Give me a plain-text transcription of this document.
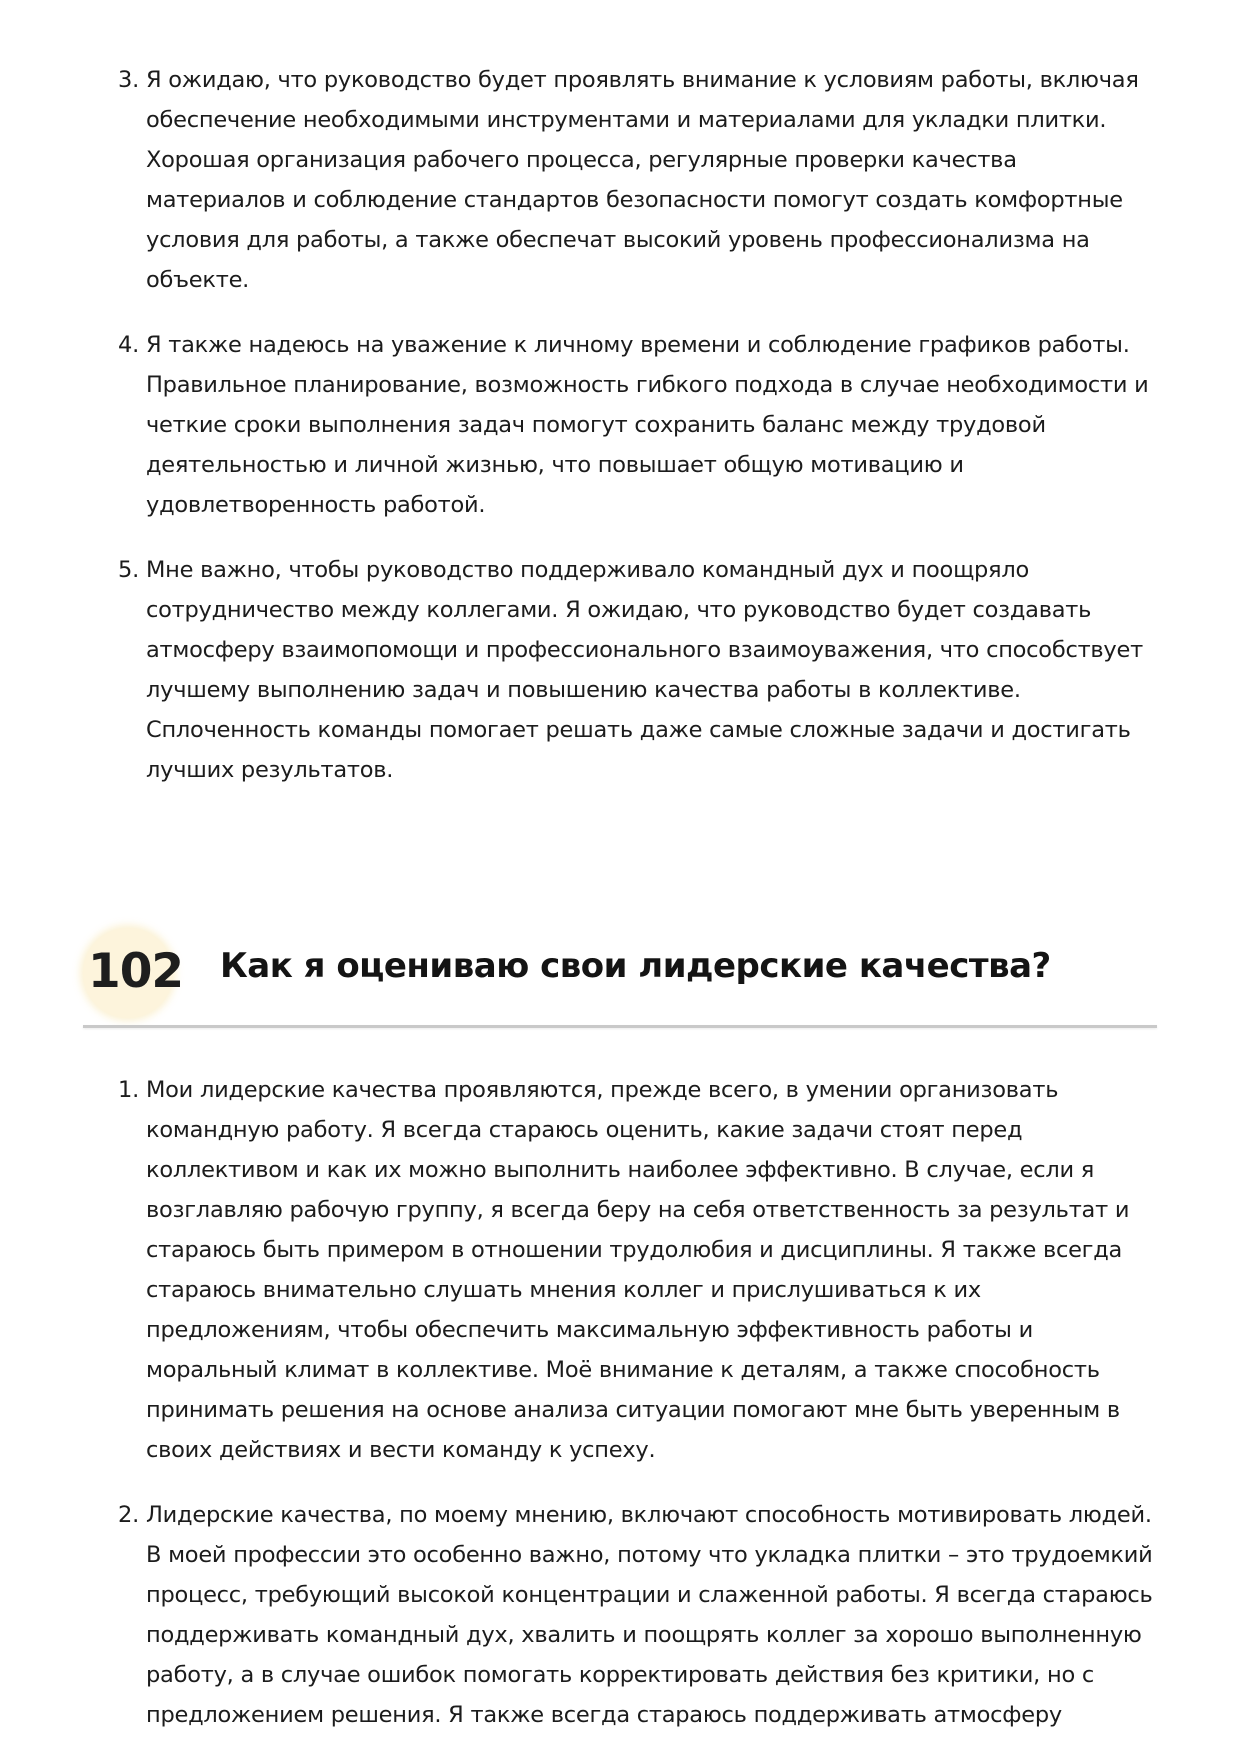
3. Я ожидаю, что руководство будет проявлять внимание к условиям работы, включая обеспечение необходимыми инструментами и материалами для укладки плитки. Хорошая организация рабочего процесса, регулярные проверки качества материалов и соблюдение стандартов безопасности помогут создать комфортные условия для работы, а также обеспечат высокий уровень профессионализма на объекте.
4. Я также надеюсь на уважение к личному времени и соблюдение графиков работы. Правильное планирование, возможность гибкого подхода в случае необходимости и четкие сроки выполнения задач помогут сохранить баланс между трудовой деятельностью и личной жизнью, что повышает общую мотивацию и удовлетворенность работой.
5. Мне важно, чтобы руководство поддерживало командный дух и поощряло сотрудничество между коллегами. Я ожидаю, что руководство будет создавать атмосферу взаимопомощи и профессионального взаимоуважения, что способствует лучшему выполнению задач и повышению качества работы в коллективе. Сплоченность команды помогает решать даже самые сложные задачи и достигать лучших результатов.
102 Как я оцениваю свои лидерские качества?
1. Мои лидерские качества проявляются, прежде всего, в умении организовать командную работу. Я всегда стараюсь оценить, какие задачи стоят перед коллективом и как их можно выполнить наиболее эффективно. В случае, если я возглавляю рабочую группу, я всегда беру на себя ответственность за результат и стараюсь быть примером в отношении трудолюбия и дисциплины. Я также всегда стараюсь внимательно слушать мнения коллег и прислушиваться к их предложениям, чтобы обеспечить максимальную эффективность работы и моральный климат в коллективе. Моё внимание к деталям, а также способность принимать решения на основе анализа ситуации помогают мне быть уверенным в своих действиях и вести команду к успеху.
2. Лидерские качества, по моему мнению, включают способность мотивировать людей. В моей профессии это особенно важно, потому что укладка плитки – это трудоемкий процесс, требующий высокой концентрации и слаженной работы. Я всегда стараюсь поддерживать командный дух, хвалить и поощрять коллег за хорошо выполненную работу, а в случае ошибок помогать корректировать действия без критики, но с предложением решения. Я также всегда стараюсь поддерживать атмосферу
